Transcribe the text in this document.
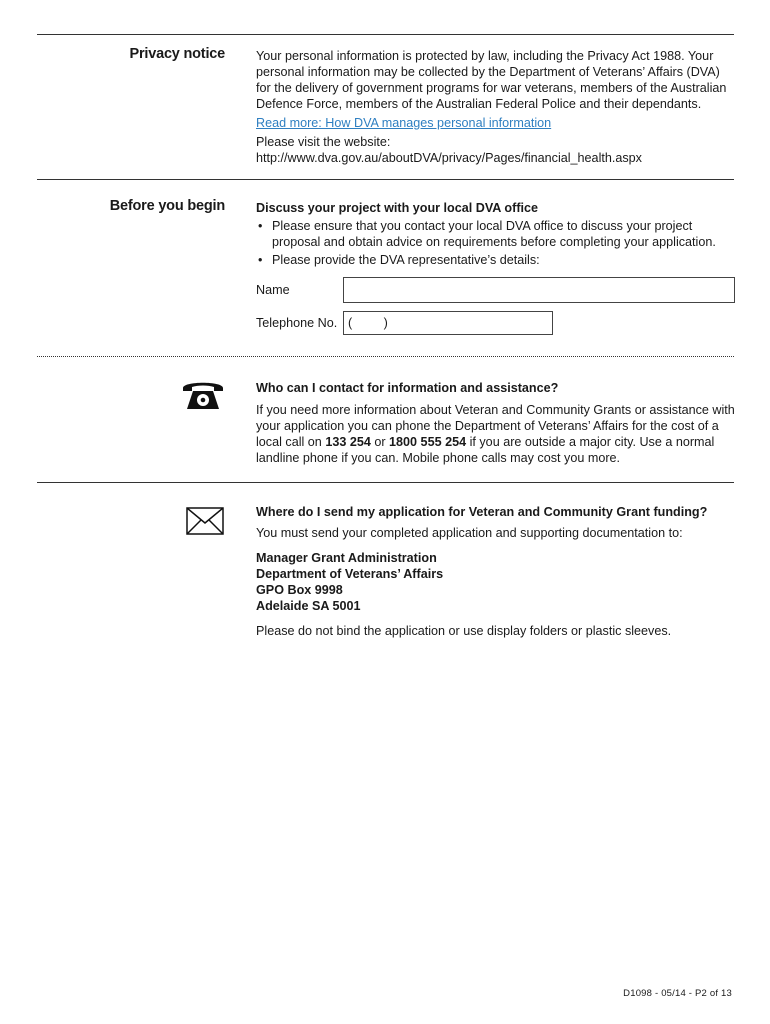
Privacy notice Your personal information is protected by law, including the Privacy Act 1988. Your personal information may be collected by the Department of Veterans’ Affairs (DVA) for the delivery of government programs for war veterans, members of the Australian Defence Force, members of the Australian Federal Police and their dependants.

Read more: How DVA manages personal information

Please visit the website:

http://www.dva.gov.au/aboutDVA/privacy/Pages/financial_health.aspx

Before you begin Discuss your project with your local DVA office

• Please ensure that you contact your local DVA office to discuss your project proposal and obtain advice on requirements before completing your application.
• Please provide the DVA representative’s details:
Name
Telephone No. (         )

Who can I contact for information and assistance?

If you need more information about Veteran and Community Grants or assistance with your application you can phone the Department of Veterans’ Affairs for the cost of a local call on 133 254 or 1800 555 254 if you are outside a major city. Use a normal landline phone if you can. Mobile phone calls may cost you more.

Where do I send my application for Veteran and Community Grant funding?

You must send your completed application and supporting documentation to:

Manager Grant Administration

Department of Veterans’ Affairs

GPO Box 9998

Adelaide SA 5001

Please do not bind the application or use display folders or plastic sleeves.

D1098 - 05/14 - P2 of 13
